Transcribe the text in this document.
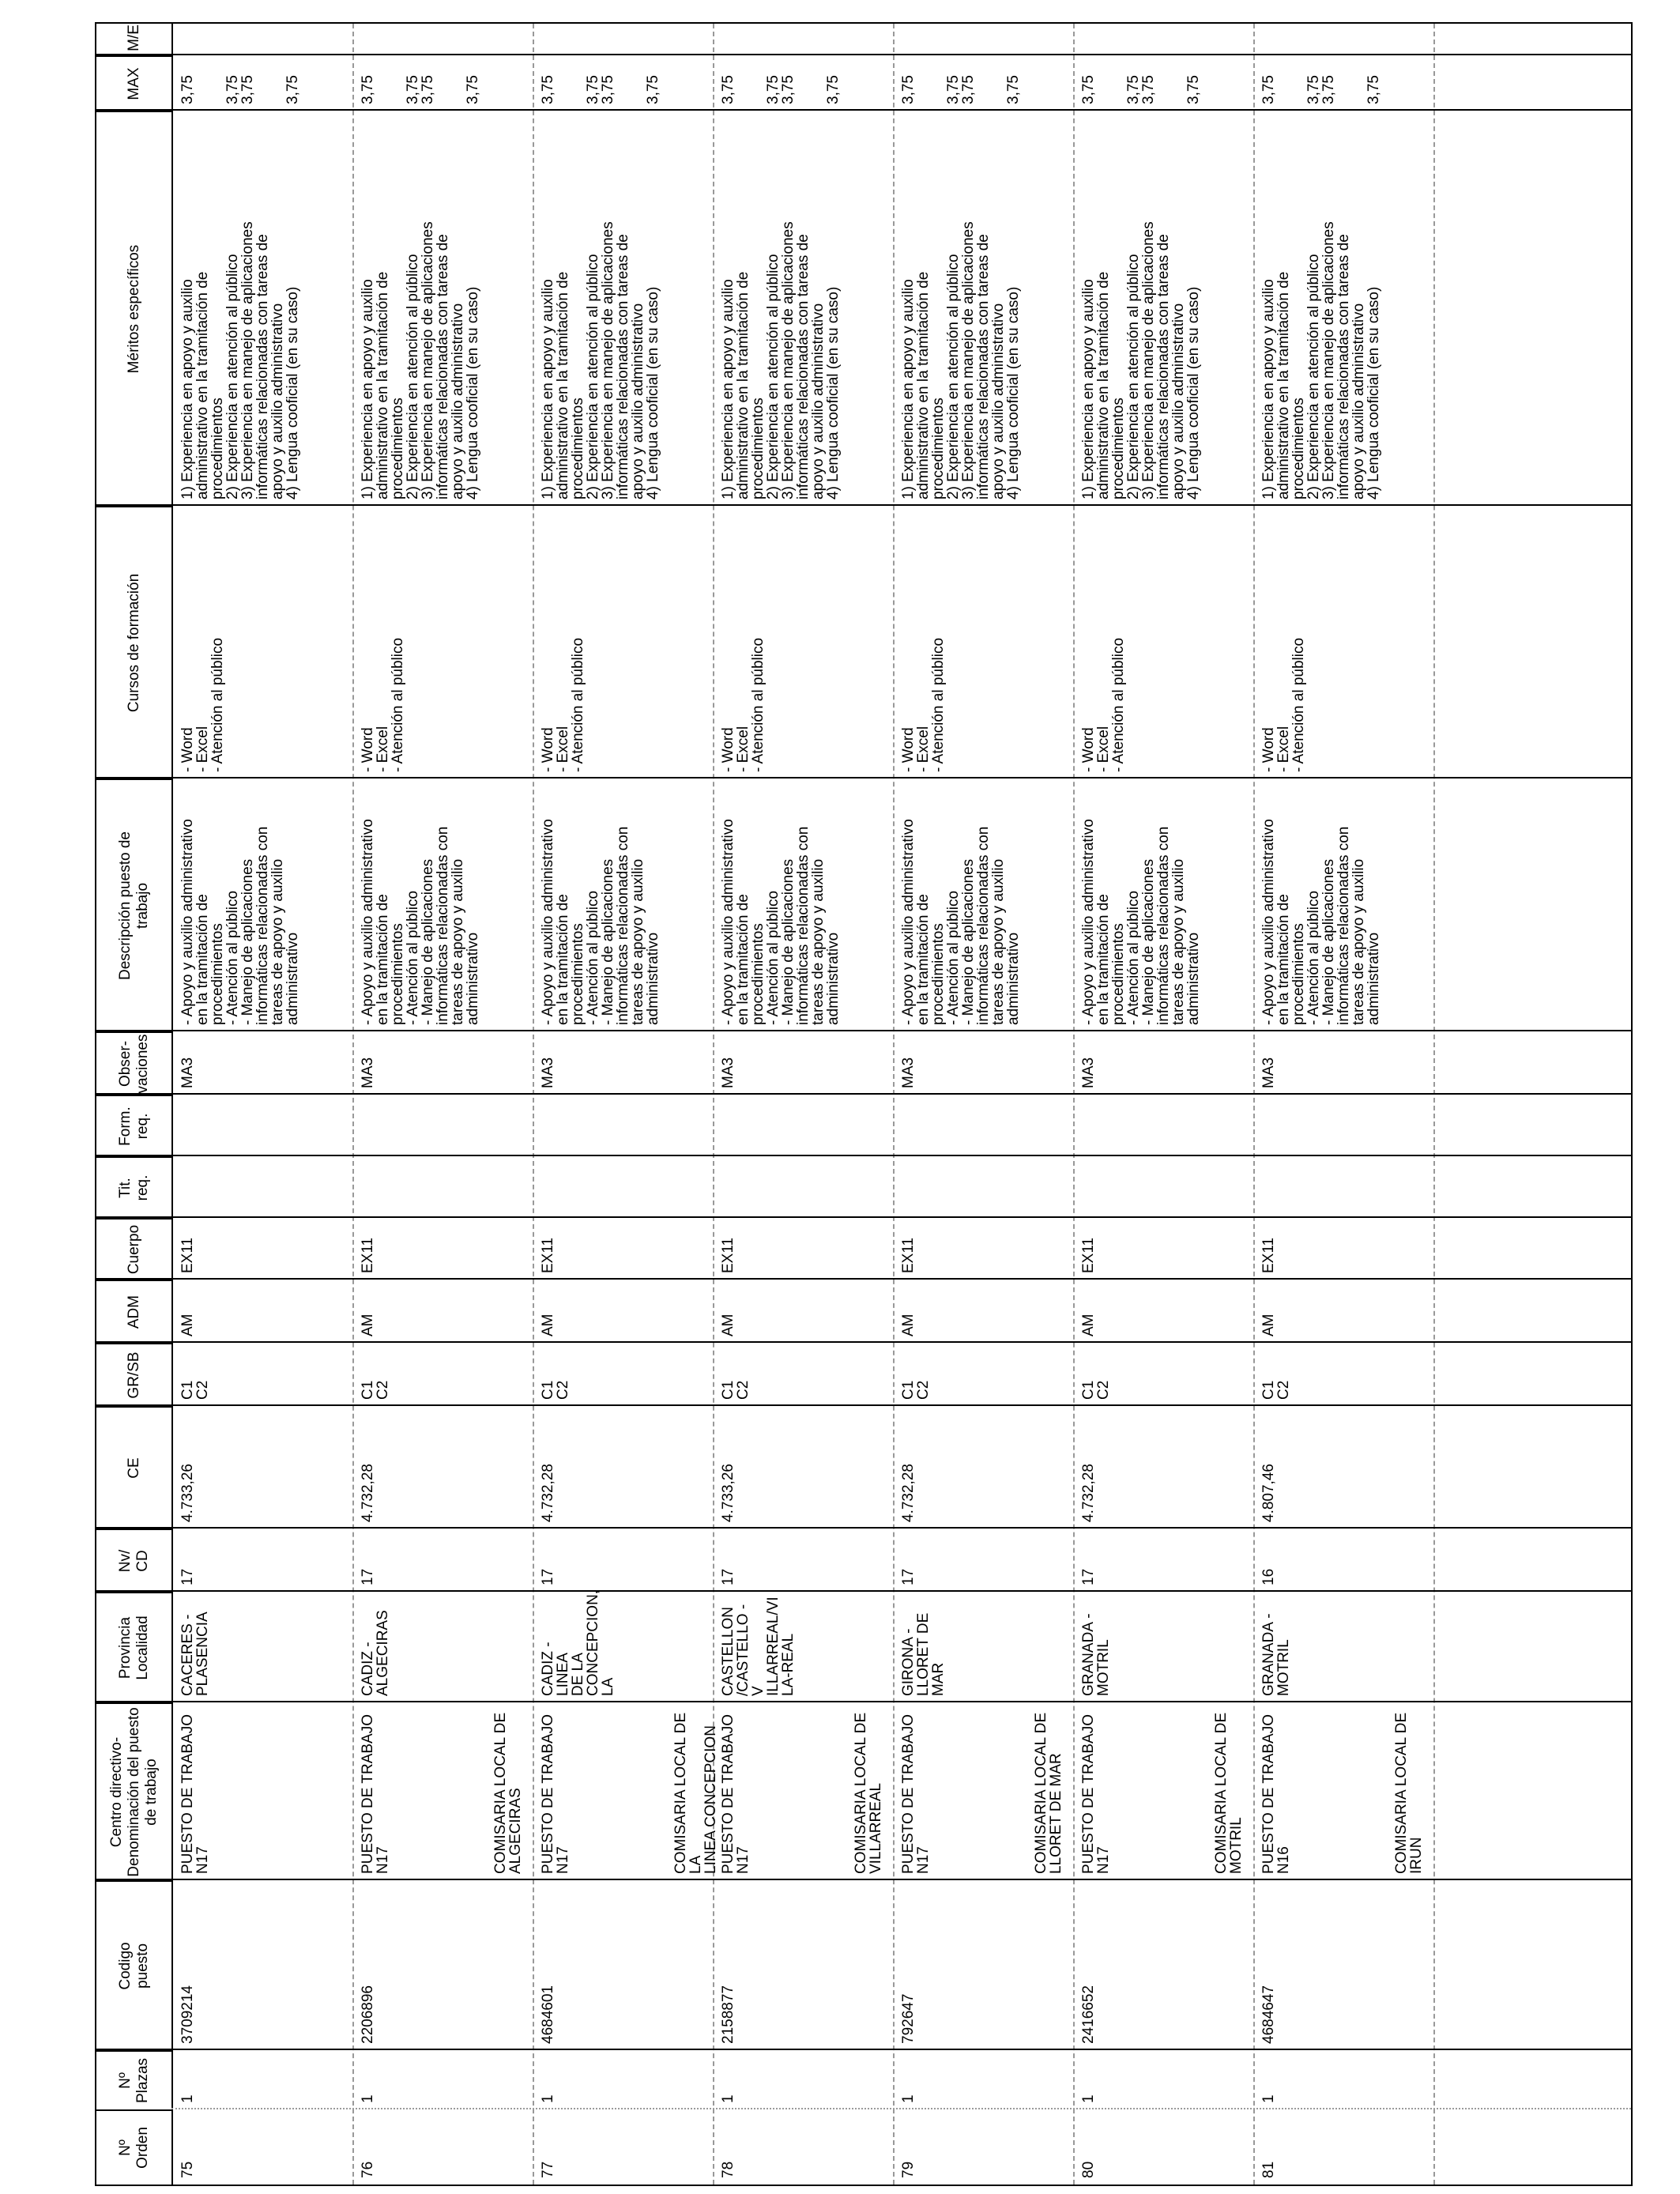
Nº
Orden
Nº
Plazas
Codigo
puesto
Centro directivo-
Denominación del puesto
de trabajo
Provincia
Localidad
Nv/
CD
CE
GR/SB
ADM
Cuerpo
Tit.
req.
Form.
req.
Obser-
vaciones
Descripción puesto de
trabajo
Cursos de formación
Méritos específicos
MAX
M/E
75
1
3709214
PUESTO DE TRABAJO N17
CACERES -
PLASENCIA
17
4.733,26
C1
C2
AM
EX11
MA3
- Apoyo y auxilio administrativo
en la tramitación de
procedimientos
- Atención al público
- Manejo de aplicaciones
informáticas relacionadas con
tareas de apoyo y auxilio
administrativo
- Word
- Excel
- Atención al público
1) Experiencia en apoyo y auxilio
administrativo en la tramitación de
procedimientos
2) Experiencia en atención al público
3) Experiencia en manejo de aplicaciones
informáticas relacionadas con tareas de
apoyo y auxilio administrativo
4) Lengua cooficial (en su caso)
3,75

3,75
3,75

3,75
76
1
2206896
PUESTO DE TRABAJO N17
CADIZ -
ALGECIRAS
17
4.732,28
C1
C2
AM
EX11
MA3
- Apoyo y auxilio administrativo
en la tramitación de
procedimientos
- Atención al público
- Manejo de aplicaciones
informáticas relacionadas con
tareas de apoyo y auxilio
administrativo
- Word
- Excel
- Atención al público
1) Experiencia en apoyo y auxilio
administrativo en la tramitación de
procedimientos
2) Experiencia en atención al público
3) Experiencia en manejo de aplicaciones
informáticas relacionadas con tareas de
apoyo y auxilio administrativo
4) Lengua cooficial (en su caso)
3,75

3,75
3,75

3,75
COMISARIA LOCAL DE
ALGECIRAS
77
1
4684601
PUESTO DE TRABAJO N17
CADIZ - LINEA
DE LA
CONCEPCION,
LA
17
4.732,28
C1
C2
AM
EX11
MA3
- Apoyo y auxilio administrativo
en la tramitación de
procedimientos
- Atención al público
- Manejo de aplicaciones
informáticas relacionadas con
tareas de apoyo y auxilio
administrativo
- Word
- Excel
- Atención al público
1) Experiencia en apoyo y auxilio
administrativo en la tramitación de
procedimientos
2) Experiencia en atención al público
3) Experiencia en manejo de aplicaciones
informáticas relacionadas con tareas de
apoyo y auxilio administrativo
4) Lengua cooficial (en su caso)
3,75

3,75
3,75

3,75
COMISARIA LOCAL DE LA
LINEA CONCEPCION
78
1
2158877
PUESTO DE TRABAJO N17
CASTELLON
/CASTELLO - V
ILLARREAL/VI
LA-REAL
17
4.733,26
C1
C2
AM
EX11
MA3
- Apoyo y auxilio administrativo
en la tramitación de
procedimientos
- Atención al público
- Manejo de aplicaciones
informáticas relacionadas con
tareas de apoyo y auxilio
administrativo
- Word
- Excel
- Atención al público
1) Experiencia en apoyo y auxilio
administrativo en la tramitación de
procedimientos
2) Experiencia en atención al público
3) Experiencia en manejo de aplicaciones
informáticas relacionadas con tareas de
apoyo y auxilio administrativo
4) Lengua cooficial (en su caso)
3,75

3,75
3,75

3,75
COMISARIA LOCAL DE
VILLARREAL
79
1
792647
PUESTO DE TRABAJO N17
GIRONA -
LLORET DE
MAR
17
4.732,28
C1
C2
AM
EX11
MA3
- Apoyo y auxilio administrativo
en la tramitación de
procedimientos
- Atención al público
- Manejo de aplicaciones
informáticas relacionadas con
tareas de apoyo y auxilio
administrativo
- Word
- Excel
- Atención al público
1) Experiencia en apoyo y auxilio
administrativo en la tramitación de
procedimientos
2) Experiencia en atención al público
3) Experiencia en manejo de aplicaciones
informáticas relacionadas con tareas de
apoyo y auxilio administrativo
4) Lengua cooficial (en su caso)
3,75

3,75
3,75

3,75
COMISARIA LOCAL DE
LLORET DE MAR
80
1
2416652
PUESTO DE TRABAJO N17
GRANADA -
MOTRIL
17
4.732,28
C1
C2
AM
EX11
MA3
- Apoyo y auxilio administrativo
en la tramitación de
procedimientos
- Atención al público
- Manejo de aplicaciones
informáticas relacionadas con
tareas de apoyo y auxilio
administrativo
- Word
- Excel
- Atención al público
1) Experiencia en apoyo y auxilio
administrativo en la tramitación de
procedimientos
2) Experiencia en atención al público
3) Experiencia en manejo de aplicaciones
informáticas relacionadas con tareas de
apoyo y auxilio administrativo
4) Lengua cooficial (en su caso)
3,75

3,75
3,75

3,75
COMISARIA LOCAL DE
MOTRIL
81
1
4684647
PUESTO DE TRABAJO N16
GRANADA -
MOTRIL
16
4.807,46
C1
C2
AM
EX11
MA3
- Apoyo y auxilio administrativo
en la tramitación de
procedimientos
- Atención al público
- Manejo de aplicaciones
informáticas relacionadas con
tareas de apoyo y auxilio
administrativo
- Word
- Excel
- Atención al público
1) Experiencia en apoyo y auxilio
administrativo en la tramitación de
procedimientos
2) Experiencia en atención al público
3) Experiencia en manejo de aplicaciones
informáticas relacionadas con tareas de
apoyo y auxilio administrativo
4) Lengua cooficial (en su caso)
3,75

3,75
3,75

3,75
COMISARIA LOCAL DE IRUN
